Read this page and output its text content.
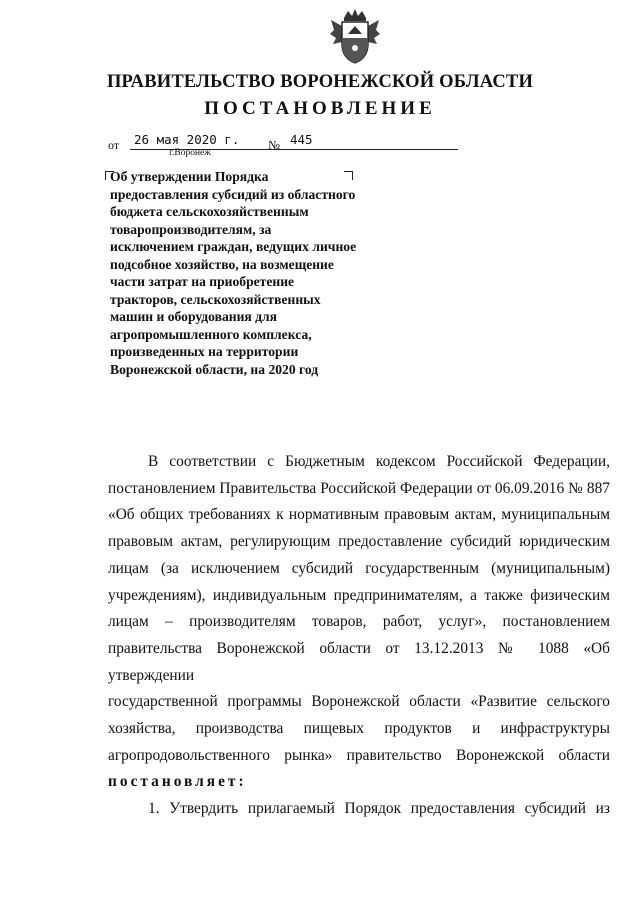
ПРАВИТЕЛЬСТВО ВОРОНЕЖСКОЙ ОБЛАСТИ
ПОСТАНОВЛЕНИЕ
от 26 мая 2020 г. № 445
г.Воронеж
Об утверждении Порядка
предоставления субсидий из областного
бюджета сельскохозяйственным
товаропроизводителям, за
исключением граждан, ведущих личное
подсобное хозяйство, на возмещение
части затрат на приобретение
тракторов, сельскохозяйственных
машин и оборудования для
агропромышленного комплекса,
произведенных на территории
Воронежской области, на 2020 год
В соответствии с Бюджетным кодексом Российской Федерации,
постановлением Правительства Российской Федерации от 06.09.2016 № 887
«Об общих требованиях к нормативным правовым актам, муниципальным
правовым актам, регулирующим предоставление субсидий юридическим
лицам (за исключением субсидий государственным (муниципальным)
учреждениям), индивидуальным предпринимателям, а также физическим
лицам – производителям товаров, работ, услуг», постановлением
правительства Воронежской области от 13.12.2013 № 1088 «Об утверждении
государственной программы Воронежской области «Развитие сельского
хозяйства, производства пищевых продуктов и инфраструктуры
агропродовольственного рынка» правительство Воронежской области
постановляет:
1. Утвердить прилагаемый Порядок предоставления субсидий из
